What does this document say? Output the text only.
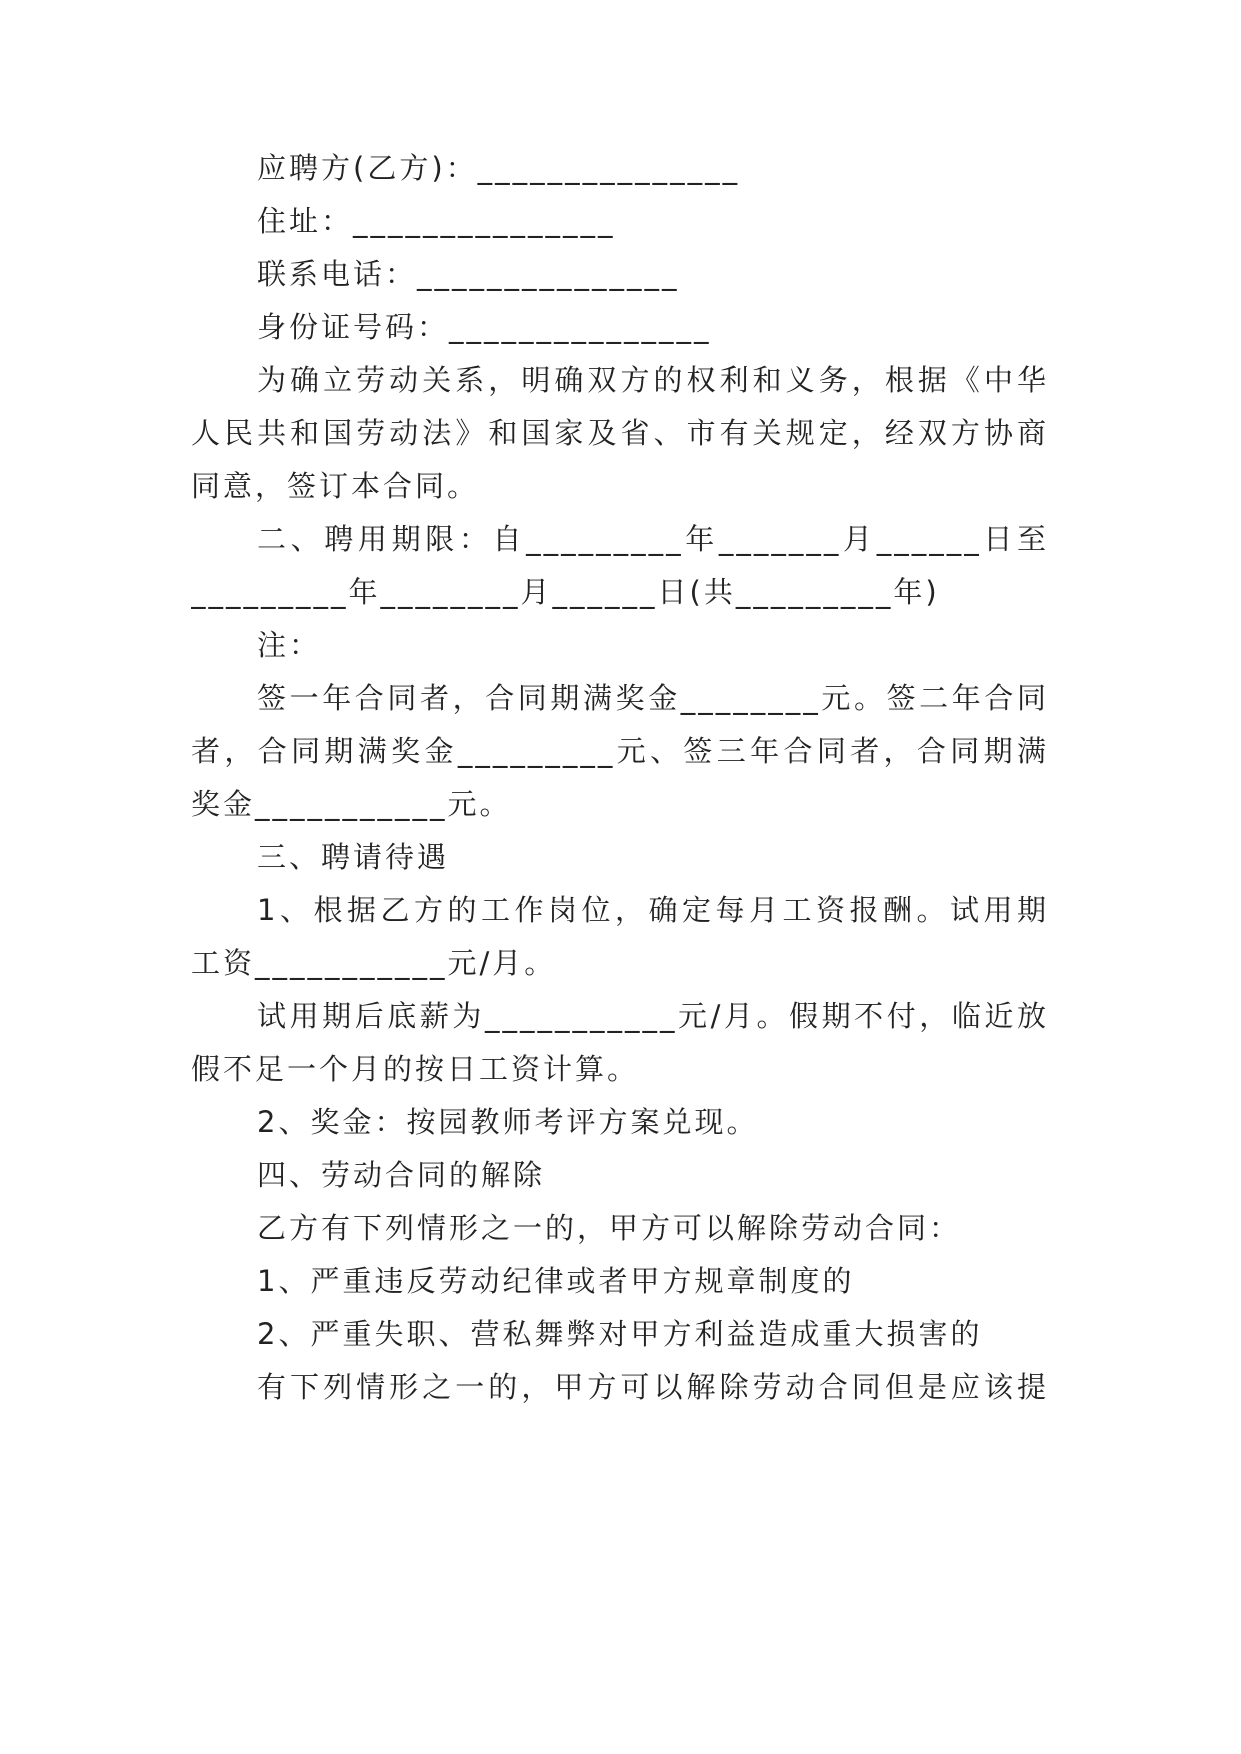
应聘方(乙方)：_______________
住址：_______________
联系电话：_______________
身份证号码：_______________
为确立劳动关系，明确双方的权利和义务，根据《中华
人民共和国劳动法》和国家及省、市有关规定，经双方协商
同意，签订本合同。
二、聘用期限：自_________年_______月______日至
_________年________月______日(共_________年)
注：
签一年合同者，合同期满奖金________元。签二年合同
者，合同期满奖金_________元、签三年合同者，合同期满
奖金___________元。
三、聘请待遇
1、根据乙方的工作岗位，确定每月工资报酬。试用期
工资___________元/月。
试用期后底薪为___________元/月。假期不付，临近放
假不足一个月的按日工资计算。
2、奖金：按园教师考评方案兑现。
四、劳动合同的解除
乙方有下列情形之一的，甲方可以解除劳动合同：
1、严重违反劳动纪律或者甲方规章制度的
2、严重失职、营私舞弊对甲方利益造成重大损害的
有下列情形之一的，甲方可以解除劳动合同但是应该提
